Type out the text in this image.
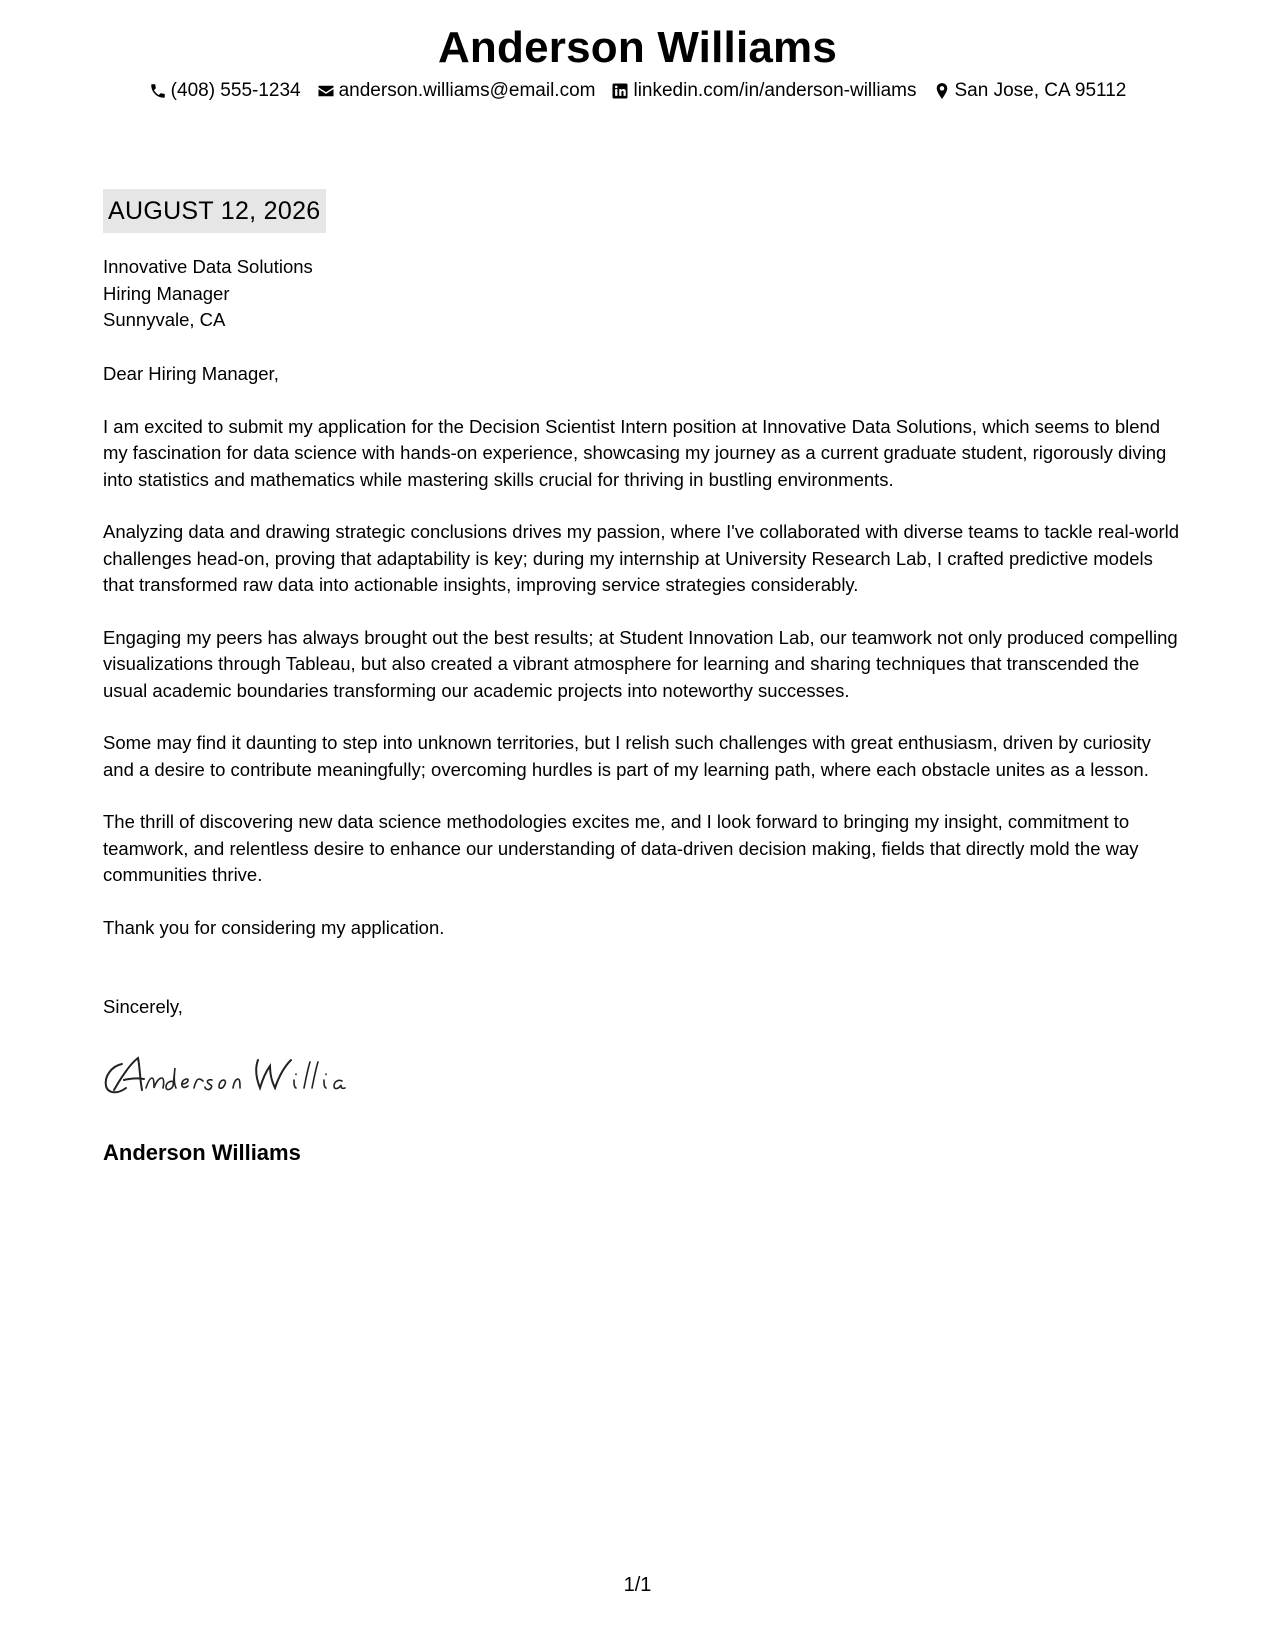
Anderson Williams
(408) 555-1234 anderson.williams@email.com linkedin.com/in/anderson-williams San Jose, CA 95112
AUGUST 12, 2026
Innovative Data Solutions
Hiring Manager
Sunnyvale, CA

Dear Hiring Manager,

I am excited to submit my application for the Decision Scientist Intern position at Innovative Data Solutions, which seems to blend my fascination for data science with hands-on experience, showcasing my journey as a current graduate student, rigorously diving into statistics and mathematics while mastering skills crucial for thriving in bustling environments.

Analyzing data and drawing strategic conclusions drives my passion, where I've collaborated with diverse teams to tackle real-world challenges head-on, proving that adaptability is key; during my internship at University Research Lab, I crafted predictive models that transformed raw data into actionable insights, improving service strategies considerably.

Engaging my peers has always brought out the best results; at Student Innovation Lab, our teamwork not only produced compelling visualizations through Tableau, but also created a vibrant atmosphere for learning and sharing techniques that transcended the usual academic boundaries transforming our academic projects into noteworthy successes.

Some may find it daunting to step into unknown territories, but I relish such challenges with great enthusiasm, driven by curiosity and a desire to contribute meaningfully; overcoming hurdles is part of my learning path, where each obstacle unites as a lesson.

The thrill of discovering new data science methodologies excites me, and I look forward to bringing my insight, commitment to teamwork, and relentless desire to enhance our understanding of data-driven decision making, fields that directly mold the way communities thrive.

Thank you for considering my application.

Sincerely,
Anderson Williams
1/1
